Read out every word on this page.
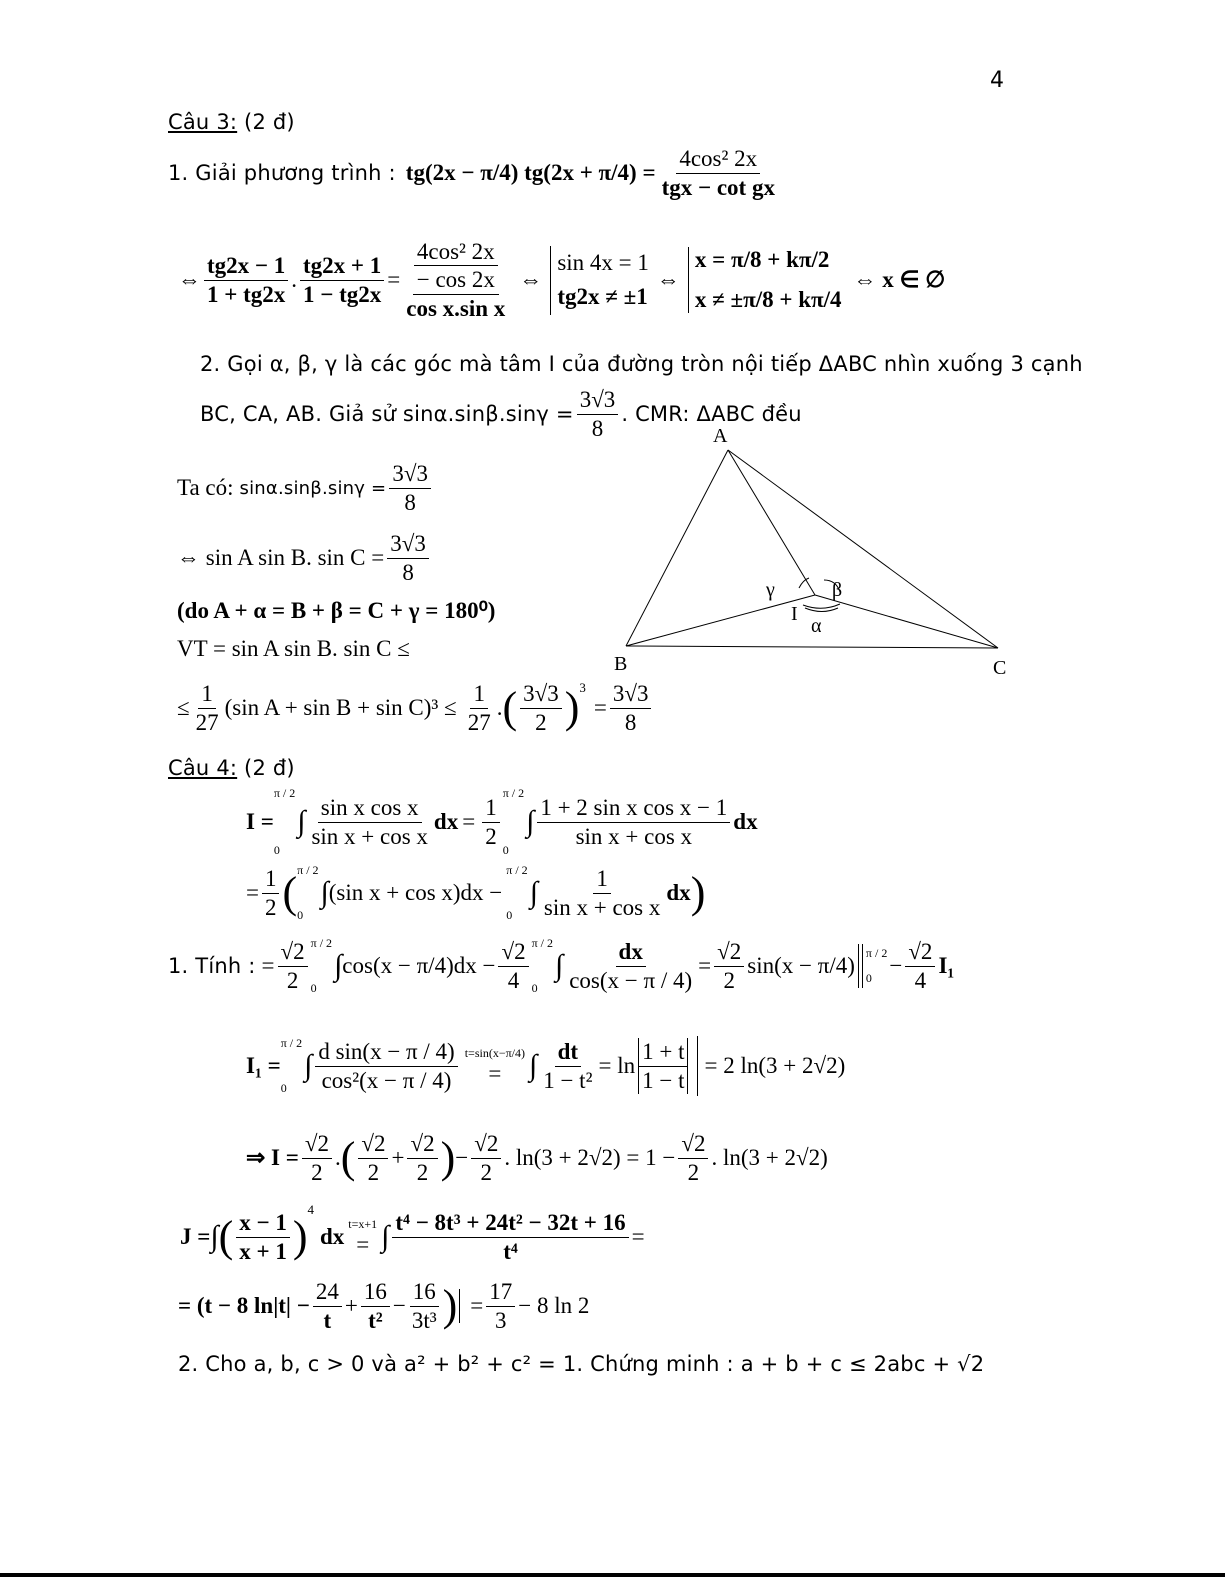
4
Câu 3: (2 đ)
1. Giải phương trình : tg(2x − π/4) $tg(2x + \pi/4) = \frac{\text{4cos² 2x}}{\text{tgx − cot gx}}$
⇔ $\frac{tg2x - 1}{1 + tg2x}$ . $\frac{tg2x + 1}{1 - tg2x} = 4\cos^2$ 2x
− cos 2x
cos x.sin x ⇔
sin 4x = 1
tg2x ≠ ±1
⇔
x = π/8 + kπ/2
x ≠ ±π/8 + kπ/4
⇔ x ∈ ∅
2. Gọi α, β, γ là các góc mà tâm I của đường tròn nội tiếp ΔABC nhìn xuống 3 cạnh
BC, CA, AB. Giả sử $\sin\alpha.\sin\beta.\sin\gamma = \frac{3√3}{8}$ . CMR: ΔABC đều
Ta có: $\sin\alpha.\sin\beta.\sin\gamma = \frac{3√3}{8}$
⇔ sin A sin B. $\sin C = \frac{3√3}{8}$
(do A + α = B + β = C + γ = 180⁰)
VT = sin A sin B. sin C ≤
≤ $\frac{1}{27} (\sin$ $A + \sin B + \sin C)^3 \le \frac{1}{27}$ . ( $\frac{3√3}{2}$ ) 3
= $\frac{3√3}{8}$
A
B	C
I
α
β
γ
Câu 4: (2 đ)
I =
π / 2
0
∫ $\frac{\text{sin x cos x}}{\text{sin x + cos x}}$ dx = $\frac{1}{2}$
π / 2
0
∫ $\frac{\text{1 + 2 sin x cos x − 1}}{\text{sin x + cos x}}$ dx
= $\frac{1}{2}$ ( π / 2
0
∫ (sin x + cos x)dx −
π / 2
0
∫ $\frac{1}{\text{sin x + cos x}}$ dx )
1. Tính : = $\frac{√2}{2}$ π / 2
0
∫ $\cos(x - \pi/4)dx - \frac{√2}{4}$ π / 2
0
∫ $\frac{dx}{\cos(x - \pi / 4)} = \frac{√2}{2} \sin(x - \pi/4)$ π / 2
$0 - \frac{√2}{4} I_1$
I₁ =
π / 2
0
∫ $\frac{\text{d sin(x − π / 4)}}{\text{cos²(x − π / 4)}} t=\sin(x-\pi/4)$
= ∫ $\frac{dt}{\text{1 − t²}} = \ln \frac{1 + t}{1 - t} = 2$ ln(3 + 2√2)
⇒ $I = \frac{√2}{2}$ . ( $\frac{√2}{2} + \frac{√2}{2}$ ) − $\frac{√2}{2}$ . $\ln(3 + 2√2) = 1 - \frac{√2}{2}$ . ln(3 + 2√2)
J = ∫ ( $\frac{x - 1}{x + 1}$ )
4
dx
t=x+1
= ∫ $\frac{\text{t⁴ − 8t³ + 24t² − 32t + 16}}{\text{t⁴}}$ =
= (t − 8 $\ln|t| - \frac{24}{t} + \frac{16}{\text{t²}} - \frac{16}{\text{3t³}}$ ) = $\frac{17}{3} - 8$ ln 2
2. Cho a, b, c > 0 và a² + b² + c² = 1. Chứng minh : a + b + c ≤ 2abc + √2
